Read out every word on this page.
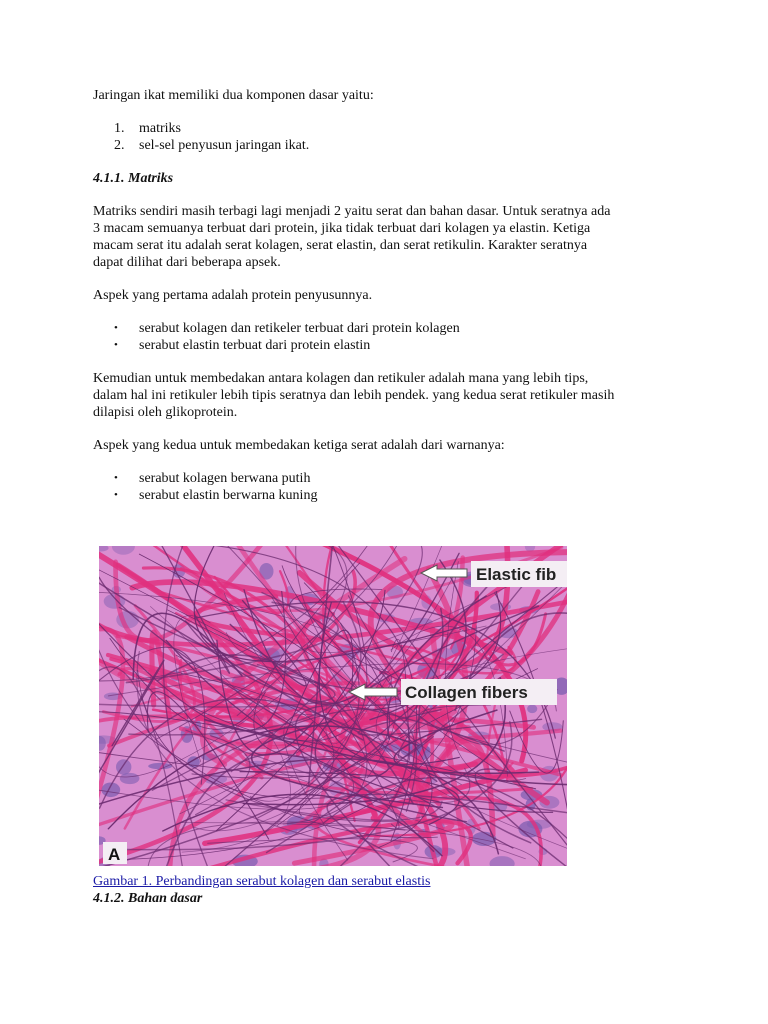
Jaringan ikat memiliki dua komponen dasar yaitu:

1. matriks
2. sel-sel penyusun jaringan ikat.

4.1.1. Matriks

Matriks sendiri masih terbagi lagi menjadi 2 yaitu serat dan bahan dasar. Untuk seratnya ada

3 macam semuanya terbuat dari protein, jika tidak terbuat dari kolagen ya elastin. Ketiga

macam serat itu adalah serat kolagen, serat elastin, dan serat retikulin. Karakter seratnya

dapat dilihat dari beberapa apsek.

Aspek yang pertama adalah protein penyusunnya.

• serabut kolagen dan retikeler terbuat dari protein kolagen
• serabut elastin terbuat dari protein elastin

Kemudian untuk membedakan antara kolagen dan retikuler adalah mana yang lebih tips,

dalam hal ini retikuler lebih tipis seratnya dan lebih pendek. yang kedua serat retikuler masih

dilapisi oleh glikoprotein.

Aspek yang kedua untuk membedakan ketiga serat adalah dari warnanya:

• serabut kolagen berwana putih
• serabut elastin berwarna kuning
Elastic fib
Collagen fibers
A
Gambar 1. Perbandingan serabut kolagen dan serabut elastis
4.1.2. Bahan dasar
